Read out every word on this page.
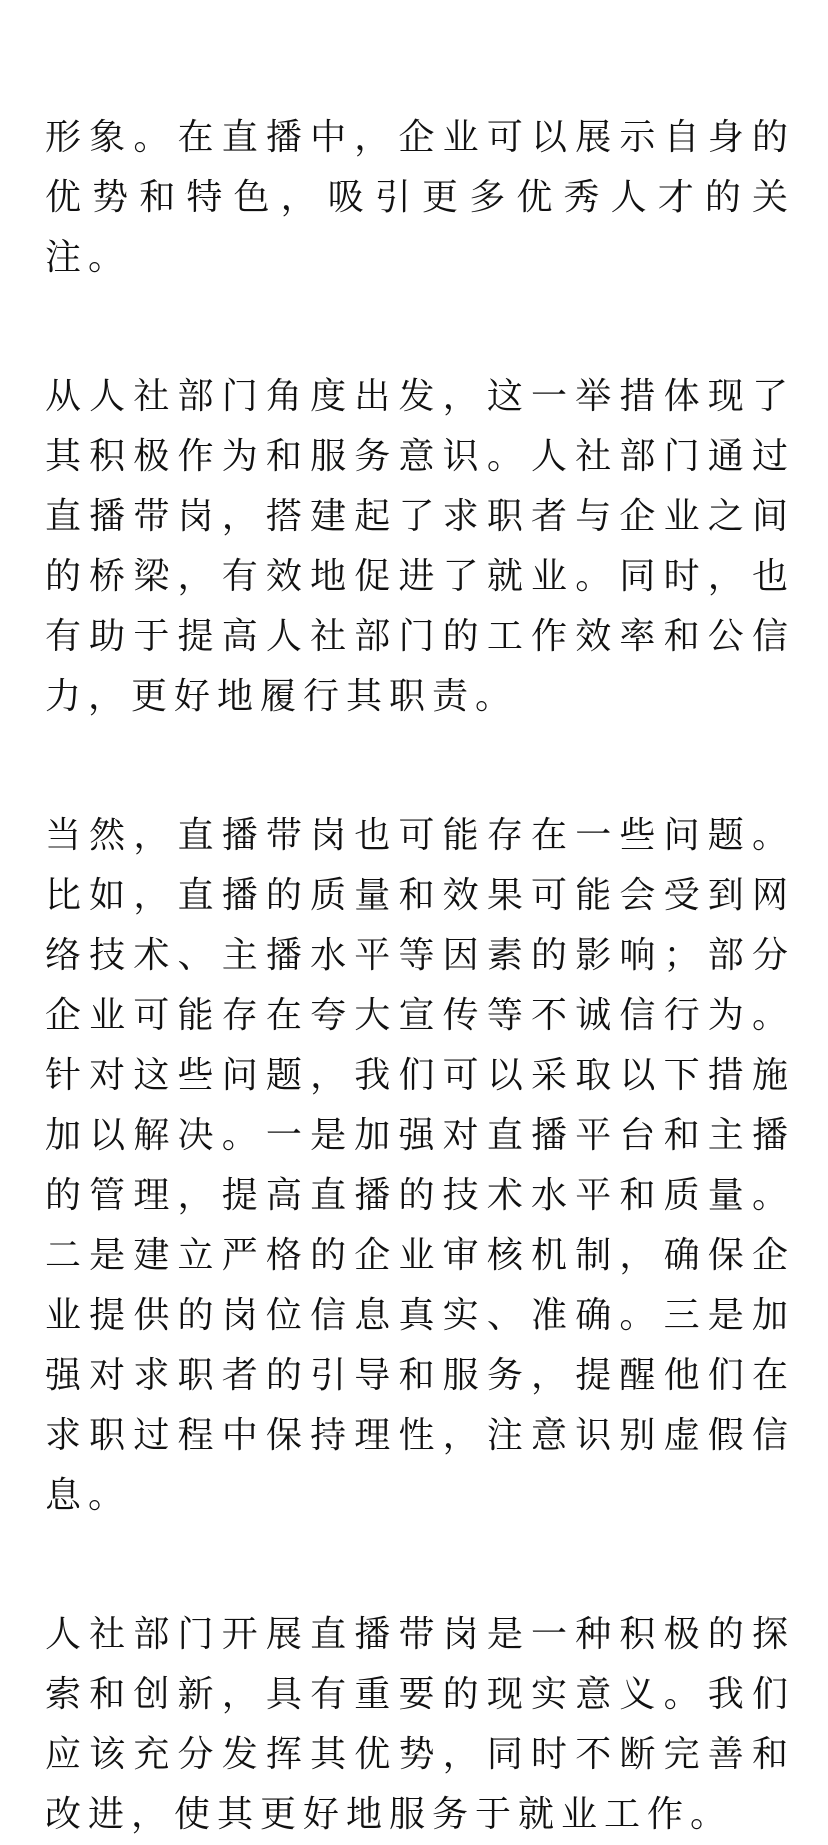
形象。在直播中，企业可以展示自身的优势和特色，吸引更多优秀人才的关注。

从人社部门角度出发，这一举措体现了其积极作为和服务意识。人社部门通过直播带岗，搭建起了求职者与企业之间的桥梁，有效地促进了就业。同时，也有助于提高人社部门的工作效率和公信力，更好地履行其职责。

当然，直播带岗也可能存在一些问题。比如，直播的质量和效果可能会受到网络技术、主播水平等因素的影响；部分企业可能存在夸大宣传等不诚信行为。针对这些问题，我们可以采取以下措施加以解决。一是加强对直播平台和主播的管理，提高直播的技术水平和质量。二是建立严格的企业审核机制，确保企业提供的岗位信息真实、准确。三是加强对求职者的引导和服务，提醒他们在求职过程中保持理性，注意识别虚假信息。

人社部门开展直播带岗是一种积极的探索和创新，具有重要的现实意义。我们应该充分发挥其优势，同时不断完善和改进，使其更好地服务于就业工作。
